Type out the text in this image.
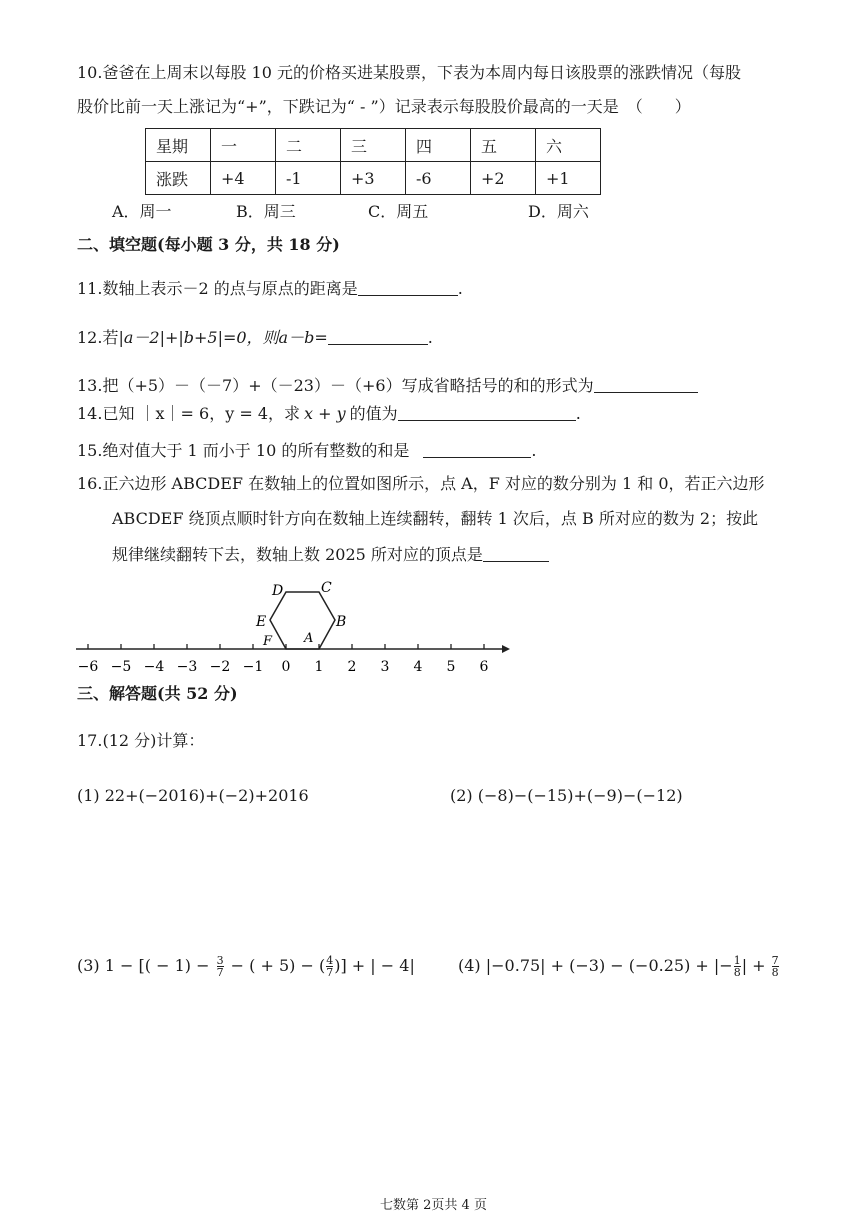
10.爸爸在上周末以每股 10 元的价格买进某股票，下表为本周内每日该股票的涨跌情况（每股
股价比前一天上涨记为“+”，下跌记为“ - ”）记录表示每股股价最高的一天是　（　　）
星期	一	二	三	四	五	六
涨跌	+4	-1	+3	-6	+2	+1
A．周一	B．周三	C．周五	D．周六
二、填空题(每小题 3 分，共 18 分)
11.数轴上表示－2 的点与原点的距离是	.
12.若|a－2|+|b+5|=0，则a－b=	.
13.把（+5）－（－7）+（－23）－（+6）写成省略括号的和的形式为
14.已知 ｜x｜= 6，y = 4，求 x + y 的值为	.
15.绝对值大于 1 而小于 10 的所有整数的和是	.
16.正六边形 ABCDEF 在数轴上的位置如图所示，点 A，F 对应的数分别为 1 和 0，若正六边形
ABCDEF 绕顶点顺时针方向在数轴上连续翻转，翻转 1 次后，点 B 所对应的数为 2；按此
规律继续翻转下去，数轴上数 2025 所对应的顶点是
D	C
E	B
F A
−6 −5 −4 −3 −2 −1 0 1 2 3 4 5 6
三、解答题(共 52 分)
17.(12 分)计算：
(1) 22+(−2016)+(−2)+2016	(2) (−8)−(−15)+(−9)−(−12)
(3) 1 − [( − $1) - \frac{3}{7}$ − ( + 5) − ( $\frac{4}{7}$ )] + | − 4|	(4) |−0.75| + (−3) − (−0.25) + |− $\frac{1}{8}$ | + $\frac{7}{8}$
七数第 2页共 4 页
